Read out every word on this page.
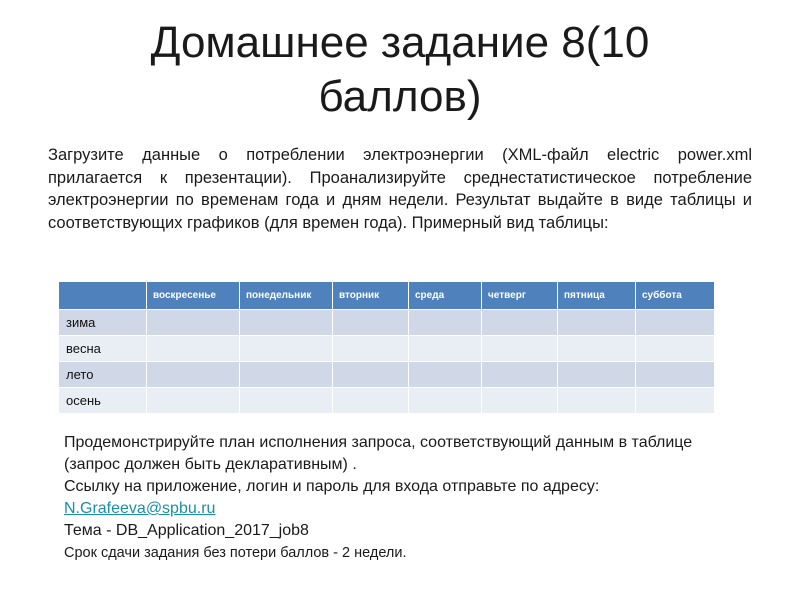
Домашнее задание 8(10
баллов)

Загрузите данные о потреблении электроэнергии (XML-файл electric power.xml прилагается к презентации). Проанализируйте среднестатистическое потребление электроэнергии по временам года и дням недели. Результат выдайте в виде таблицы и соответствующих графиков (для времен года). Примерный вид таблицы:

	воскресенье	понедельник	вторник	среда	четверг	пятница	суббота
зима							
весна							
лето							
осень							

Продемонстрируйте план исполнения запроса, соответствующий данным в таблице (запрос должен быть декларативным) .

Ссылку на приложение, логин и пароль для входа отправьте по адресу: N.Grafeeva@spbu.ru

Тема - DB_Application_2017_job8

Срок сдачи задания без потери баллов - 2 недели.
